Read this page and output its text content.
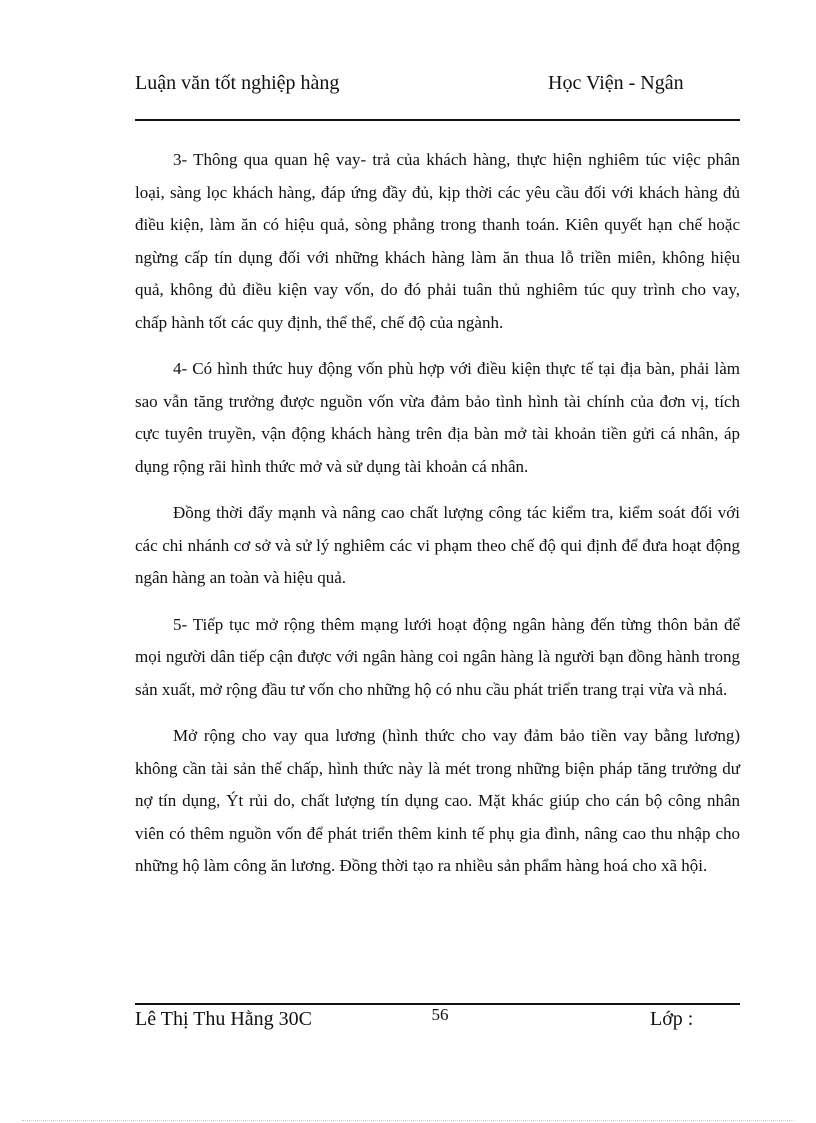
Luận văn tốt nghiệp hàng	Học Viện - Ngân

3- Thông qua quan hệ vay- trả của khách hàng, thực hiện nghiêm túc việc phân loại, sàng lọc khách hàng, đáp ứng đầy đủ, kịp thời các yêu cầu đối với khách hàng đủ điều kiện, làm ăn có hiệu quả, sòng phẳng trong thanh toán. Kiên quyết hạn chế hoặc ngừng cấp tín dụng đối với những khách hàng làm ăn thua lỗ triền miên, không hiệu quả, không đủ điều kiện vay vốn, do đó phải tuân thủ nghiêm túc quy trình cho vay, chấp hành tốt các quy định, thể thể, chế độ của ngành.

4- Có hình thức huy động vốn phù hợp với điều kiện thực tế tại địa bàn, phải làm sao vẫn tăng trưởng được nguồn vốn vừa đảm bảo tình hình tài chính của đơn vị, tích cực tuyên truyền, vận động khách hàng trên địa bàn mở tài khoản tiền gửi cá nhân, áp dụng rộng rãi hình thức mở và sử dụng tài khoản cá nhân.

Đồng thời đẩy mạnh và nâng cao chất lượng công tác kiểm tra, kiểm soát đối với các chi nhánh cơ sở và sử lý nghiêm các vi phạm theo chế độ qui định để đưa hoạt động ngân hàng an toàn và hiệu quả.

5- Tiếp tục mở rộng thêm mạng lưới hoạt động ngân hàng đến từng thôn bản để mọi người dân tiếp cận được với ngân hàng coi ngân hàng là người bạn đồng hành trong sản xuất, mở rộng đầu tư vốn cho những hộ có nhu cầu phát triển trang trại vừa và nhá.

Mở rộng cho vay qua lương (hình thức cho vay đảm bảo tiền vay bằng lương) không cần tài sản thế chấp, hình thức này là mét trong những biện pháp tăng trưởng dư nợ tín dụng, Ýt rủi do, chất lượng tín dụng cao. Mặt khác giúp cho cán bộ công nhân viên có thêm nguồn vốn để phát triển thêm kinh tế phụ gia đình, nâng cao thu nhập cho những hộ làm công ăn lương. Đồng thời tạo ra nhiều sản phẩm hàng hoá cho xã hội.

Lê Thị Thu Hằng 30C	56	Lớp :
